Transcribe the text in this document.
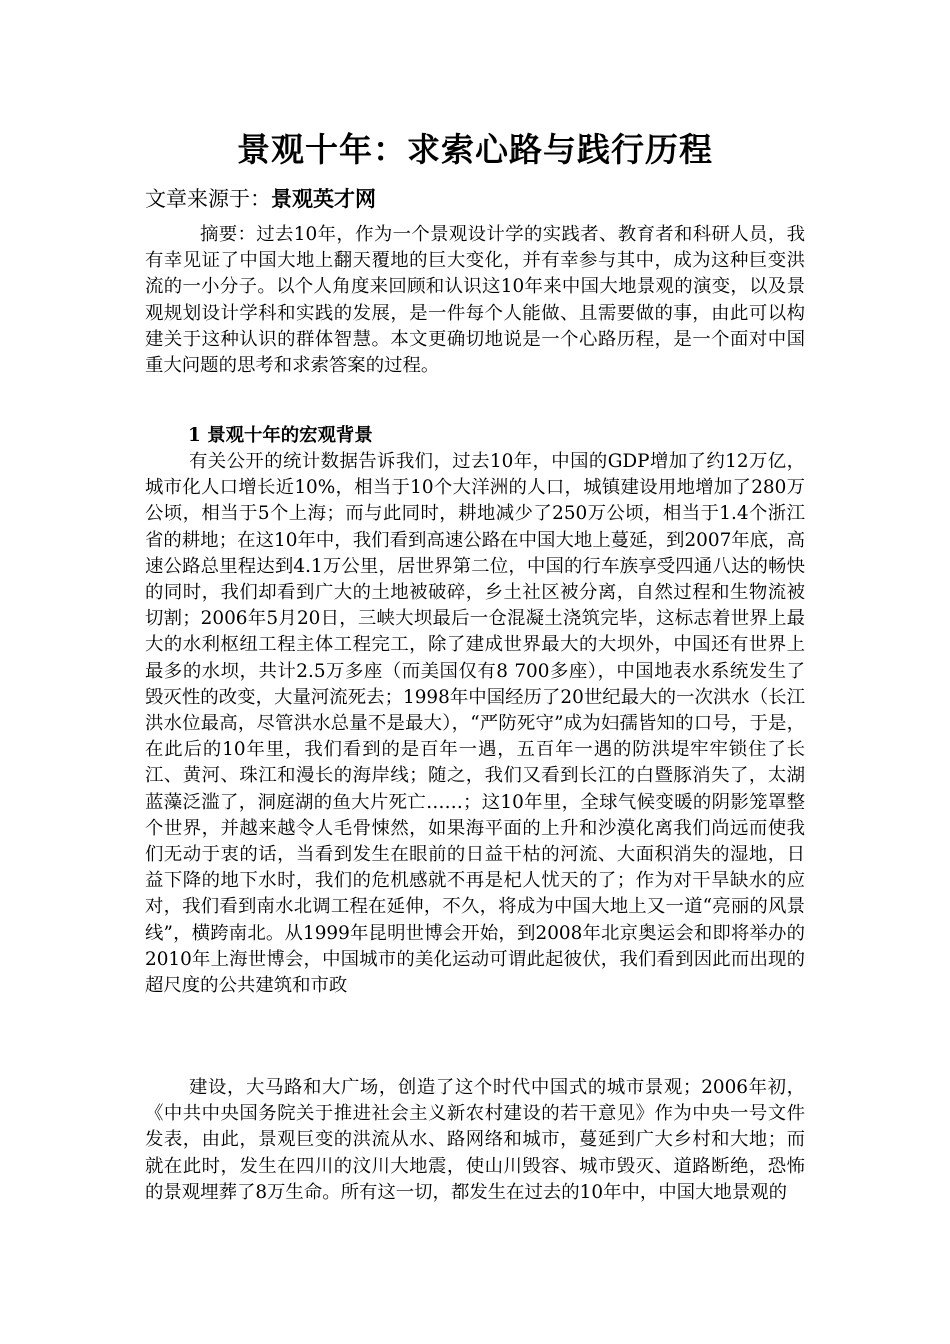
景观十年：求索心路与践行历程

文章来源于：景观英才网

摘要：过去10年，作为一个景观设计学的实践者、教育者和科研人员，我有幸见证了中国大地上翻天覆地的巨大变化，并有幸参与其中，成为这种巨变洪流的一小分子。以个人角度来回顾和认识这10年来中国大地景观的演变，以及景观规划设计学科和实践的发展，是一件每个人能做、且需要做的事，由此可以构建关于这种认识的群体智慧。本文更确切地说是一个心路历程，是一个面对中国重大问题的思考和求索答案的过程。

1 景观十年的宏观背景

有关公开的统计数据告诉我们，过去10年，中国的GDP增加了约12万亿，城市化人口增长近10%，相当于10个大洋洲的人口，城镇建设用地增加了280万公顷，相当于5个上海；而与此同时，耕地减少了250万公顷，相当于1.4个浙江省的耕地；在这10年中，我们看到高速公路在中国大地上蔓延，到2007年底，高速公路总里程达到4.1万公里，居世界第二位，中国的行车族享受四通八达的畅快的同时，我们却看到广大的土地被破碎，乡土社区被分离，自然过程和生物流被切割；2006年5月20日，三峡大坝最后一仓混凝土浇筑完毕，这标志着世界上最大的水利枢纽工程主体工程完工，除了建成世界最大的大坝外，中国还有世界上最多的水坝，共计2.5万多座（而美国仅有8 700多座），中国地表水系统发生了毁灭性的改变，大量河流死去；1998年中国经历了20世纪最大的一次洪水（长江洪水位最高，尽管洪水总量不是最大），“严防死守”成为妇孺皆知的口号，于是，在此后的10年里，我们看到的是百年一遇，五百年一遇的防洪堤牢牢锁住了长江、黄河、珠江和漫长的海岸线；随之，我们又看到长江的白暨豚消失了，太湖蓝藻泛滥了，洞庭湖的鱼大片死亡……；这10年里，全球气候变暖的阴影笼罩整个世界，并越来越令人毛骨悚然，如果海平面的上升和沙漠化离我们尚远而使我们无动于衷的话，当看到发生在眼前的日益干枯的河流、大面积消失的湿地，日益下降的地下水时，我们的危机感就不再是杞人忧天的了；作为对干旱缺水的应对，我们看到南水北调工程在延伸，不久，将成为中国大地上又一道“亮丽的风景线”，横跨南北。从1999年昆明世博会开始，到2008年北京奥运会和即将举办的2010年上海世博会，中国城市的美化运动可谓此起彼伏，我们看到因此而出现的超尺度的公共建筑和市政

建设，大马路和大广场，创造了这个时代中国式的城市景观；2006年初，《中共中央国务院关于推进社会主义新农村建设的若干意见》作为中央一号文件发表，由此，景观巨变的洪流从水、路网络和城市，蔓延到广大乡村和大地；而就在此时，发生在四川的汶川大地震，使山川毁容、城市毁灭、道路断绝，恐怖的景观埋葬了8万生命。所有这一切，都发生在过去的10年中，中国大地景观的
